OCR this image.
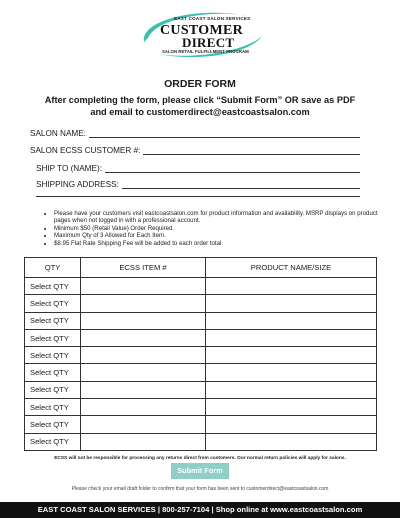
EAST COAST SALON SERVICES
CUSTOMER
DIRECT
SALON RETAIL FULFILLMENT PROGRAM
ORDER FORM
After completing the form, please click “Submit Form” OR save as PDF and email to customerdirect@eastcoastsalon.com
SALON NAME:
SALON ECSS CUSTOMER #:
SHIP TO (NAME):
SHIPPING ADDRESS:
• Please have your customers visit eastcoastsalon.com for product information and availability. MSRP displays on product pages when not logged in with a professional account.
• Minimum $50 (Retail Value) Order Required.
• Maximum Qty of 3 Allowed for Each Item.
• $8.95 Flat Rate Shipping Fee will be added to each order total.
QTY	ECSS ITEM #	PRODUCT NAME/SIZE
Select QTY		
Select QTY		
Select QTY		
Select QTY		
Select QTY		
Select QTY		
Select QTY		
Select QTY		
Select QTY		
Select QTY		
ECSS will not be responsible for processing any returns direct from customers. Our normal return policies will apply for salons.
Submit Form
Please check your email draft folder to confirm that your form has been sent to customerdirect@eastcoastsalon.com
EAST COAST SALON SERVICES | 800-257-7104 | Shop online at www.eastcoastsalon.com
